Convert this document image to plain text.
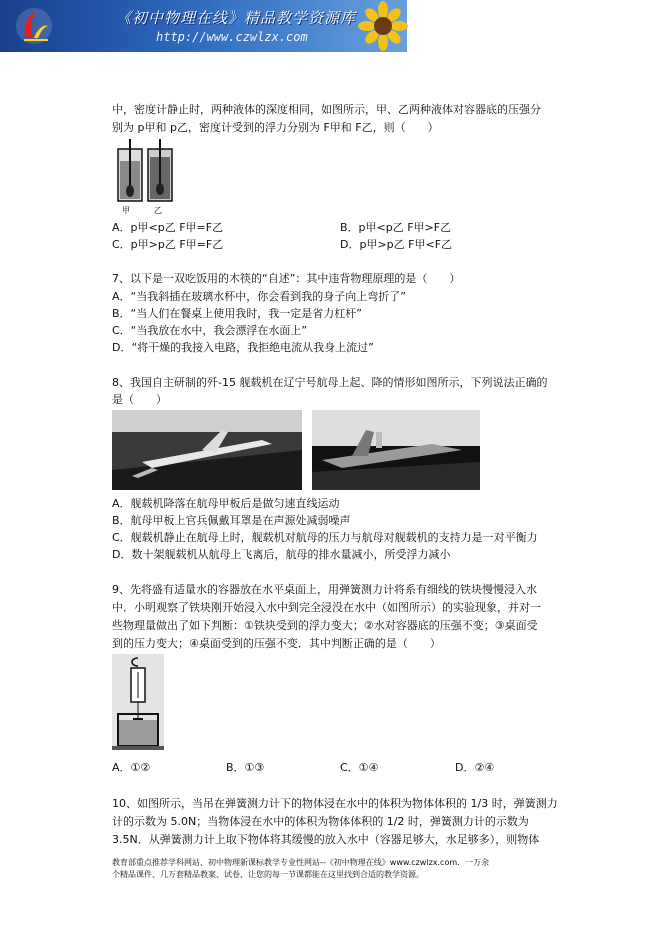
《初中物理在线》精品教学资源库
http://www.czwlzx.com
中，密度计静止时，两种液体的深度相同，如图所示，甲、乙两种液体对容器底的压强分
别为 p甲和 p乙，密度计受到的浮力分别为 F甲和 F乙，则（　　）
甲	乙
A．p甲<p乙 F甲=F乙	B．p甲<p乙 F甲>F乙
C．p甲>p乙 F甲=F乙	D．p甲>p乙 F甲<F乙
7、以下是一双吃饭用的木筷的“自述”：其中违背物理原理的是（　　）
A．“当我斜插在玻璃水杯中，你会看到我的身子向上弯折了”
B．“当人们在餐桌上使用我时，我一定是省力杠杆”
C．“当我放在水中，我会漂浮在水面上”
D．“将干燥的我接入电路，我拒绝电流从我身上流过”
8、我国自主研制的歼-15 舰载机在辽宁号航母上起、降的情形如图所示，下列说法正确的
是（　　）
A．舰载机降落在航母甲板后是做匀速直线运动
B．航母甲板上官兵佩戴耳罩是在声源处减弱噪声
C．舰载机静止在航母上时，舰载机对航母的压力与航母对舰载机的支持力是一对平衡力
D．数十架舰载机从航母上飞离后，航母的排水量减小，所受浮力减小
9、先将盛有适量水的容器放在水平桌面上，用弹簧测力计将系有细线的铁块慢慢浸入水
中．小明观察了铁块刚开始浸入水中到完全浸没在水中（如图所示）的实验现象，并对一
些物理量做出了如下判断：①铁块受到的浮力变大；②水对容器底的压强不变；③桌面受
到的压力变大；④桌面受到的压强不变．其中判断正确的是（　　）
A．①②	B．①③	C．①④	D．②④
10、如图所示，当吊在弹簧测力计下的物体浸在水中的体积为物体体积的 1/3 时，弹簧测力
计的示数为 5.0N；当物体浸在水中的体积为物体体积的 1/2 时，弹簧测力计的示数为
3.5N．从弹簧测力计上取下物体将其缓慢的放入水中（容器足够大，水足够多），则物体
教育部重点推荐学科网站、初中物理新课标教学专业性网站--《初中物理在线》www.czwlzx.com．一万余
个精品课件、几万套精品教案、试卷，让您的每一节课都能在这里找到合适的教学资源。
